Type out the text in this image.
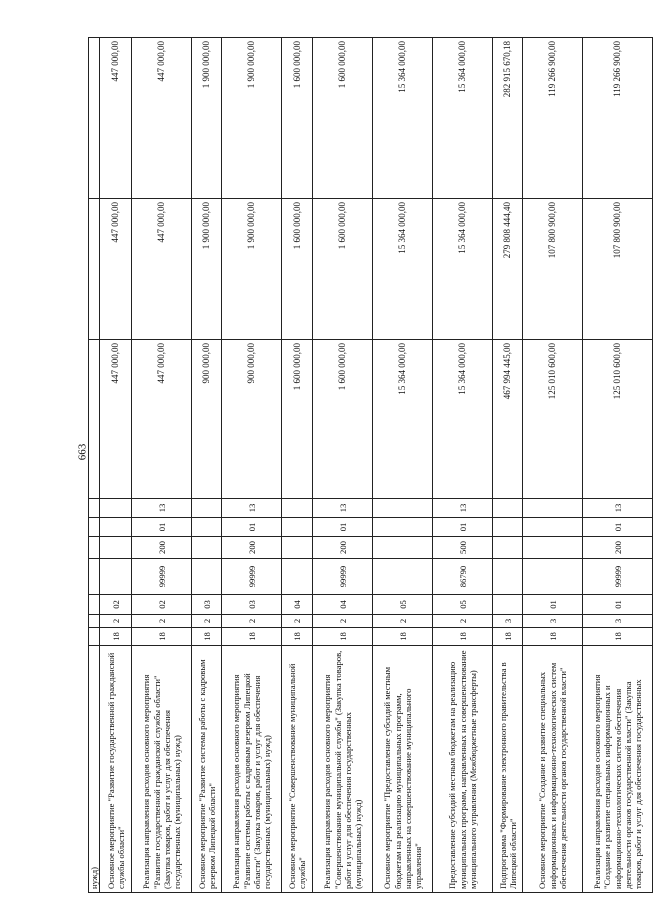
663
нужд)										
Основное мероприятие "Развитие государственной гражданской службы области"	18	2	02					447 000,00	447 000,00	447 000,00
Реализация направления расходов основного мероприятия "Развитие государственной гражданской службы области" (Закупка товаров, работ и услуг для обеспечения государственных (муниципальных) нужд)	18	2	02	99999	200	01	13	447 000,00	447 000,00	447 000,00
Основное мероприятие "Развитие системы работы с кадровым резервом Липецкой области"	18	2	03					900 000,00	1 900 000,00	1 900 000,00
Реализация направления расходов основного мероприятия "Развитие системы работы с кадровым резервом Липецкой области" (Закупка товаров, работ и услуг для обеспечения государственных (муниципальных) нужд)	18	2	03	99999	200	01	13	900 000,00	1 900 000,00	1 900 000,00
Основное мероприятие "Совершенствование муниципальной службы"	18	2	04					1 600 000,00	1 600 000,00	1 600 000,00
Реализация направления расходов основного мероприятия "Совершенствование муниципальной службы" (Закупка товаров, работ и услуг для обеспечения государственных (муниципальных) нужд)	18	2	04	99999	200	01	13	1 600 000,00	1 600 000,00	1 600 000,00
Основное мероприятие "Предоставление субсидий местным бюджетам на реализацию муниципальных программ, направленных на совершенствование муниципального управления"	18	2	05					15 364 000,00	15 364 000,00	15 364 000,00
Предоставление субсидий местным бюджетам на реализацию муниципальных программ, направленных на совершенствование муниципального управления (Межбюджетные трансферты)	18	2	05	86790	500	01	13	15 364 000,00	15 364 000,00	15 364 000,00
Подпрограмма "Формирование электронного правительства в Липецкой области"	18	3						467 994 445,00	279 808 444,40	282 915 670,18
Основное мероприятие "Создание и развитие специальных информационных и информационно-технологических систем обеспечения деятельности органов государственной власти"	18	3	01					125 010 600,00	107 800 900,00	119 266 900,00
Реализация направления расходов основного мероприятия "Создание и развитие специальных информационных и информационно-технологических систем обеспечения деятельности органов государственной власти" (Закупка товаров, работ и услуг для обеспечения государственных	18	3	01	99999	200	01	13	125 010 600,00	107 800 900,00	119 266 900,00
